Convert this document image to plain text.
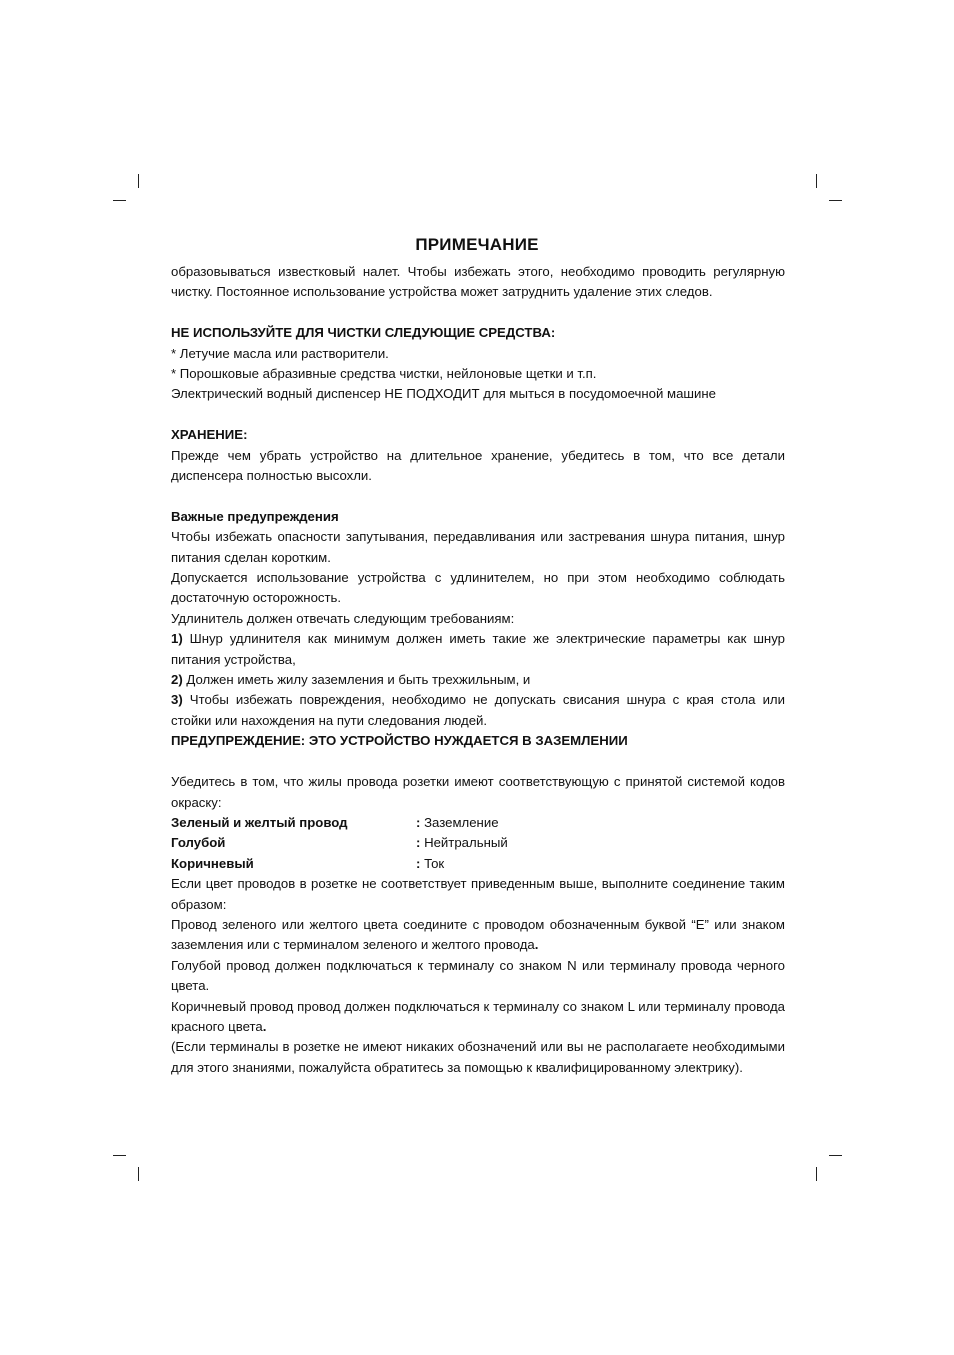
ПРИМЕЧАНИЕ

образовываться известковый налет. Чтобы избежать этого, необходимо проводить регулярную

чистку. Постоянное использование устройства может затруднить удаление этих следов.

НЕ ИСПОЛЬЗУЙТЕ ДЛЯ ЧИСТКИ СЛЕДУЮЩИЕ СРЕДСТВА:

* Летучие масла или растворители.

* Порошковые абразивные средства чистки, нейлоновые щетки и т.п.

Электрический водный диспенсер НЕ ПОДХОДИТ для мыться в посудомоечной машине

ХРАНЕНИЕ:

Прежде чем убрать устройство на длительное хранение, убедитесь в том, что все детали диспенсера полностью высохли.

Важные предупреждения

Чтобы избежать опасности запутывания, передавливания или застревания шнура питания, шнур питания сделан коротким.

Допускается использование устройства с удлинителем, но при этом необходимо соблюдать достаточную осторожность.

Удлинитель должен отвечать следующим требованиям:

1) Шнур удлинителя как минимум должен иметь такие же электрические параметры как шнур питания устройства,

2) Должен иметь жилу заземления и быть трехжильным, и

3) Чтобы избежать повреждения, необходимо не допускать свисания шнура с края стола или стойки или нахождения на пути следования людей.

ПРЕДУПРЕЖДЕНИЕ: ЭТО УСТРОЙСТВО НУЖДАЕТСЯ В ЗАЗЕМЛЕНИИ

Убедитесь в том, что жилы провода розетки имеют соответствующую с принятой системой кодов окраску:

Зеленый и желтый провод	: Заземление
Голубой	: Нейтральный
Коричневый	: Ток

Если цвет проводов в розетке не соответствует приведенным выше, выполните соединение таким образом:

Провод зеленого или желтого цвета соедините с проводом обозначенным буквой “E” или знаком заземления или с терминалом зеленого и желтого провода.

Голубой провод должен подключаться к терминалу со знаком N или терминалу провода черного цвета.

Коричневый провод провод должен подключаться к терминалу со знаком L или терминалу провода красного цвета.

(Если терминалы в розетке не имеют никаких обозначений или вы не располагаете необходимыми для этого знаниями, пожалуйста обратитесь за помощью к квалифицированному электрику).
